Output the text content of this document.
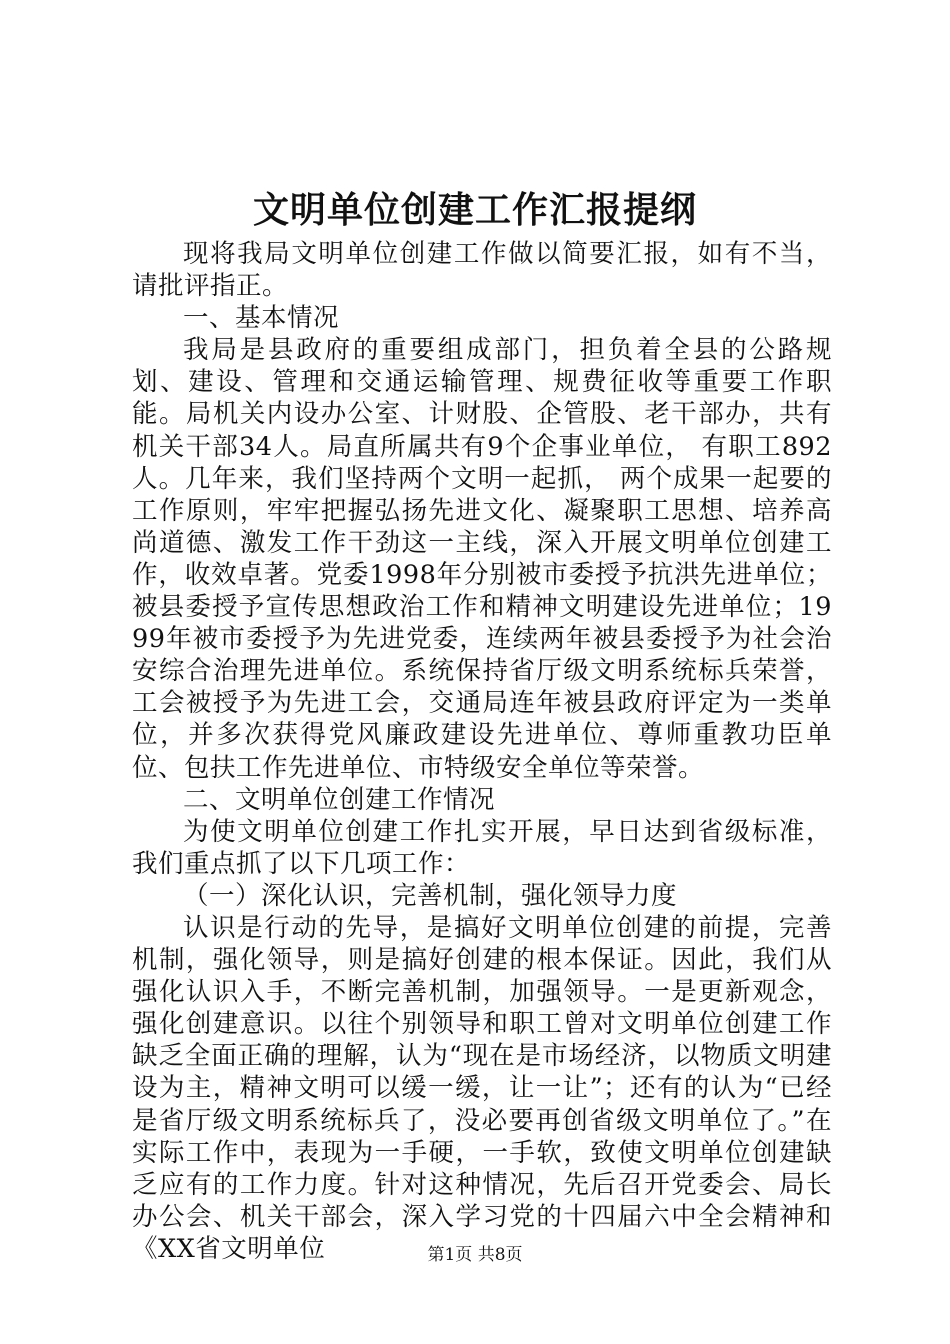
文明单位创建工作汇报提纲

现将我局文明单位创建工作做以简要汇报，如有不当，请批评指正。

一、基本情况

我局是县政府的重要组成部门，担负着全县的公路规划、建设、管理和交通运输管理、规费征收等重要工作职能。局机关内设办公室、计财股、企管股、老干部办，共有机关干部34人。局直所属共有9个企事业单位， 有职工892人。几年来，我们坚持两个文明一起抓， 两个成果一起要的工作原则，牢牢把握弘扬先进文化、凝聚职工思想、培养高尚道德、激发工作干劲这一主线，深入开展文明单位创建工作，收效卓著。党委1998年分别被市委授予抗洪先进单位；被县委授予宣传思想政治工作和精神文明建设先进单位；1999年被市委授予为先进党委，连续两年被县委授予为社会治安综合治理先进单位。系统保持省厅级文明系统标兵荣誉，工会被授予为先进工会，交通局连年被县政府评定为一类单位，并多次获得党风廉政建设先进单位、尊师重教功臣单位、包扶工作先进单位、市特级安全单位等荣誉。

二、文明单位创建工作情况

为使文明单位创建工作扎实开展，早日达到省级标准，我们重点抓了以下几项工作：

（一）深化认识，完善机制，强化领导力度

认识是行动的先导，是搞好文明单位创建的前提，完善机制，强化领导，则是搞好创建的根本保证。因此，我们从强化认识入手，不断完善机制，加强领导。一是更新观念，强化创建意识。以往个别领导和职工曾对文明单位创建工作缺乏全面正确的理解，认为“现在是市场经济，以物质文明建设为主，精神文明可以缓一缓，让一让”；还有的认为“已经是省厅级文明系统标兵了，没必要再创省级文明单位了。”在实际工作中，表现为一手硬，一手软，致使文明单位创建缺乏应有的工作力度。针对这种情况，先后召开党委会、局长办公会、机关干部会，深入学习党的十四届六中全会精神和《XX省文明单位	第1页 共8页
